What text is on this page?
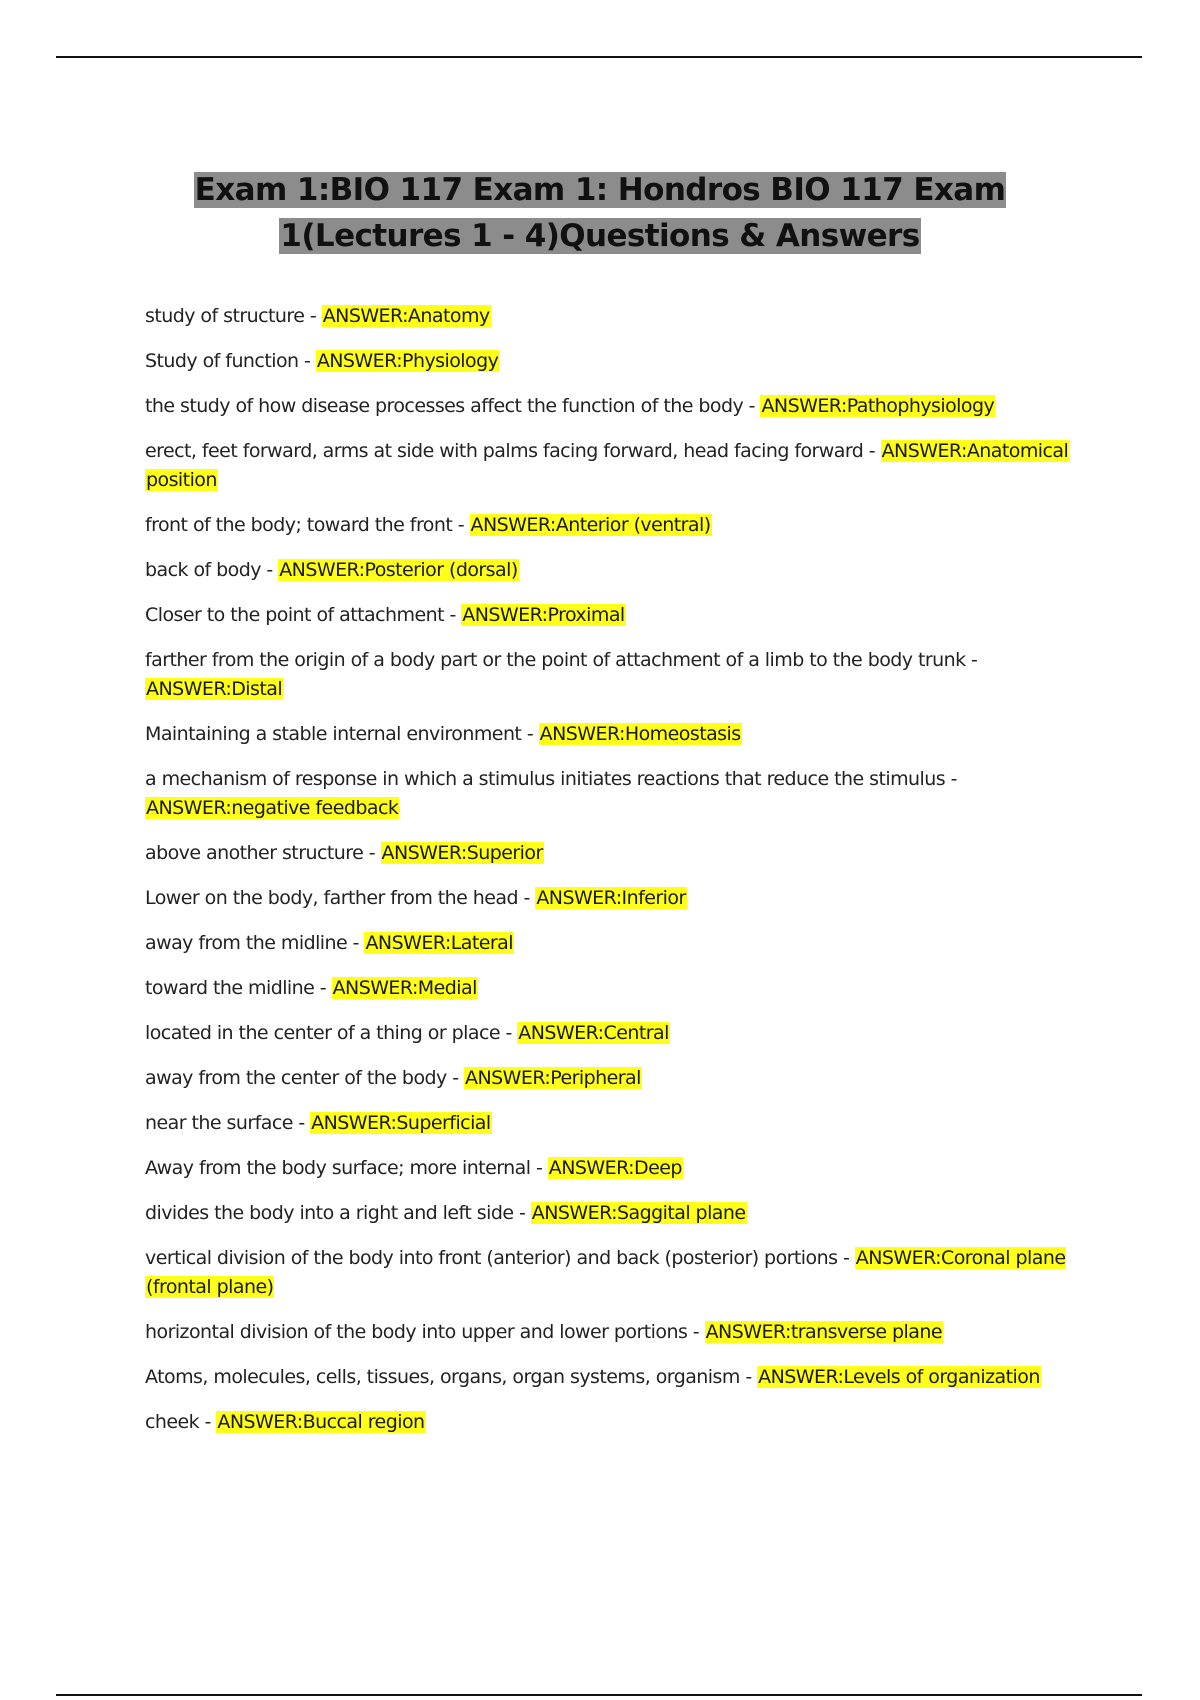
Exam 1:BIO 117 Exam 1: Hondros BIO 117 Exam 1(Lectures 1 - 4)Questions & Answers
study of structure - ANSWER:Anatomy
Study of function - ANSWER:Physiology
the study of how disease processes affect the function of the body - ANSWER:Pathophysiology
erect, feet forward, arms at side with palms facing forward, head facing forward - ANSWER:Anatomical position
front of the body; toward the front - ANSWER:Anterior (ventral)
back of body - ANSWER:Posterior (dorsal)
Closer to the point of attachment - ANSWER:Proximal
farther from the origin of a body part or the point of attachment of a limb to the body trunk - ANSWER:Distal
Maintaining a stable internal environment - ANSWER:Homeostasis
a mechanism of response in which a stimulus initiates reactions that reduce the stimulus - ANSWER:negative feedback
above another structure - ANSWER:Superior
Lower on the body, farther from the head - ANSWER:Inferior
away from the midline - ANSWER:Lateral
toward the midline - ANSWER:Medial
located in the center of a thing or place - ANSWER:Central
away from the center of the body - ANSWER:Peripheral
near the surface - ANSWER:Superficial
Away from the body surface; more internal - ANSWER:Deep
divides the body into a right and left side - ANSWER:Saggital plane
vertical division of the body into front (anterior) and back (posterior) portions - ANSWER:Coronal plane (frontal plane)
horizontal division of the body into upper and lower portions - ANSWER:transverse plane
Atoms, molecules, cells, tissues, organs, organ systems, organism - ANSWER:Levels of organization
cheek - ANSWER:Buccal region
